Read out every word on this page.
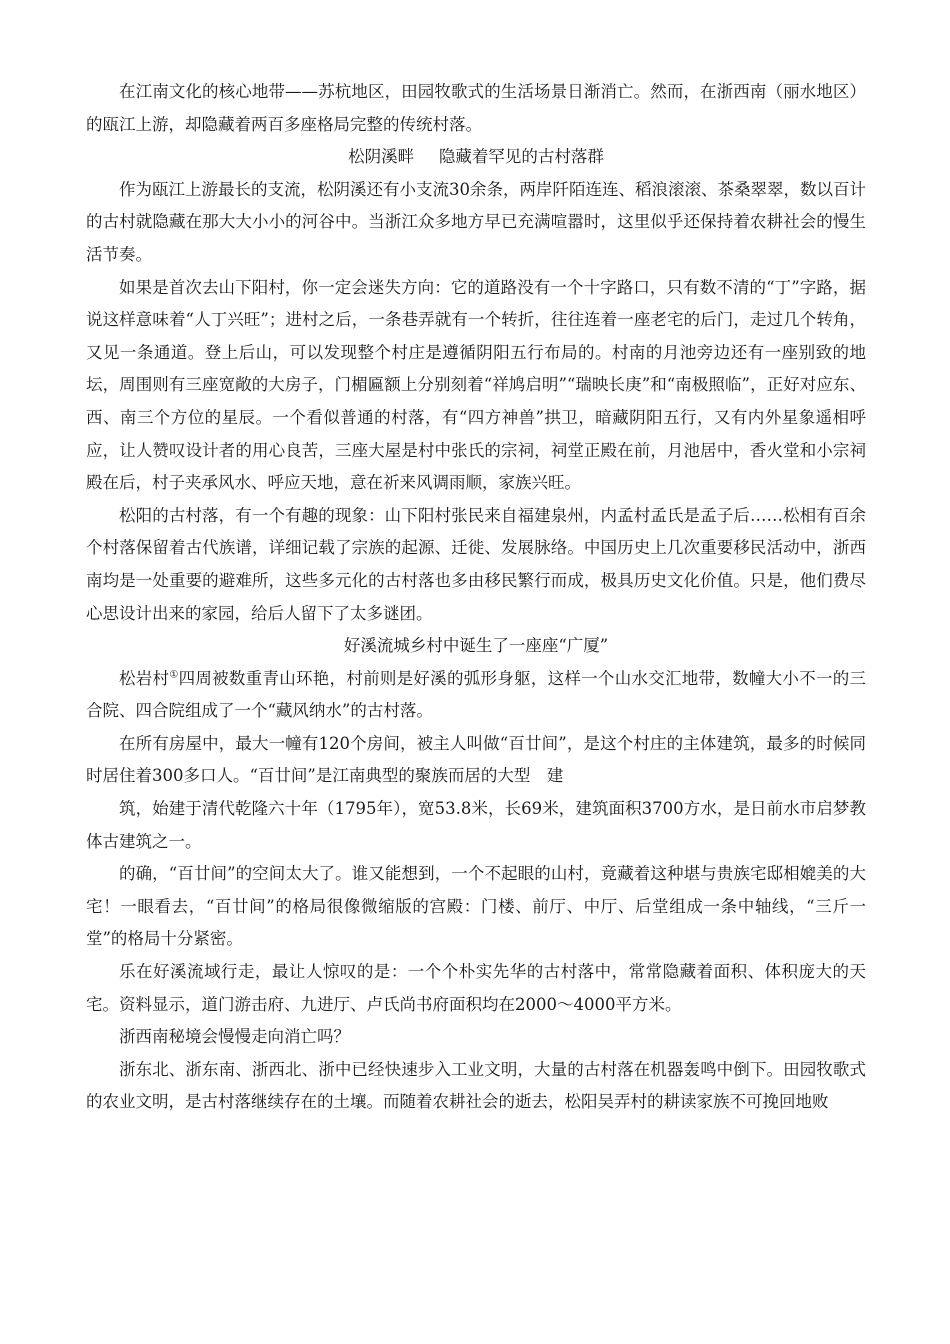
在江南文化的核心地带——苏杭地区，田园牧歌式的生活场景日渐消亡。然而，在浙西南（丽水地区）的瓯江上游，却隐藏着两百多座格局完整的传统村落。

松阴溪畔 隐藏着罕见的古村落群

作为瓯江上游最长的支流，松阴溪还有小支流30余条，两岸阡陌连连、稻浪滚滚、茶桑翠翠，数以百计的古村就隐藏在那大大小小的河谷中。当浙江众多地方早已充满喧嚣时，这里似乎还保持着农耕社会的慢生活节奏。

如果是首次去山下阳村，你一定会迷失方向：它的道路没有一个十字路口，只有数不清的“丁”字路，据说这样意味着“人丁兴旺”；进村之后，一条巷弄就有一个转折，往往连着一座老宅的后门，走过几个转角，又见一条通道。登上后山，可以发现整个村庄是遵循阴阳五行布局的。村南的月池旁边还有一座别致的地坛，周围则有三座宽敞的大房子，门楣匾额上分别刻着“祥鸠启明”“瑞映长庚”和“南极照临”，正好对应东、西、南三个方位的星辰。一个看似普通的村落，有“四方神兽”拱卫，暗藏阴阳五行，又有内外星象遥相呼应，让人赞叹设计者的用心良苦，三座大屋是村中张氏的宗祠，祠堂正殿在前，月池居中，香火堂和小宗祠殿在后，村子夹承风水、呼应天地，意在祈来风调雨顺，家族兴旺。

松阳的古村落，有一个有趣的现象：山下阳村张民来自福建泉州，内孟村孟氏是孟子后……松相有百余个村落保留着古代族谱，详细记载了宗族的起源、迁徙、发展脉络。中国历史上几次重要移民活动中，浙西南均是一处重要的避难所，这些多元化的古村落也多由移民繁行而成，极具历史文化价值。只是，他们费尽心思设计出来的家园，给后人留下了太多谜团。

好溪流城乡村中诞生了一座座“广厦”

松岩村①四周被数重青山环艳，村前则是好溪的弧形身躯，这样一个山水交汇地带，数幢大小不一的三合院、四合院组成了一个“藏风纳水”的古村落。

在所有房屋中，最大一幢有120个房间，被主人叫做“百廿间”，是这个村庄的主体建筑，最多的时候同时居住着300多口人。“百廿间”是江南典型的聚族而居的大型　建

筑，始建于清代乾隆六十年（1795年），宽53.8米，长69米，建筑面积3700方水，是日前水市启梦教体古建筑之一。

的确，“百廿间”的空间太大了。谁又能想到，一个不起眼的山村，竟藏着这种堪与贵族宅邸相媲美的大宅！一眼看去，“百廿间”的格局很像微缩版的宫殿：门楼、前厅、中厅、后堂组成一条中轴线，“三斤一堂”的格局十分紧密。

乐在好溪流域行走，最让人惊叹的是：一个个朴实先华的古村落中，常常隐藏着面积、体积庞大的天宅。资料显示，道门游击府、九进厅、卢氏尚书府面积均在2000～4000平方米。

浙西南秘境会慢慢走向消亡吗？

浙东北、浙东南、浙西北、浙中已经快速步入工业文明，大量的古村落在机器轰鸣中倒下。田园牧歌式的农业文明，是古村落继续存在的土壤。而随着农耕社会的逝去，松阳吴弄村的耕读家族不可挽回地败
